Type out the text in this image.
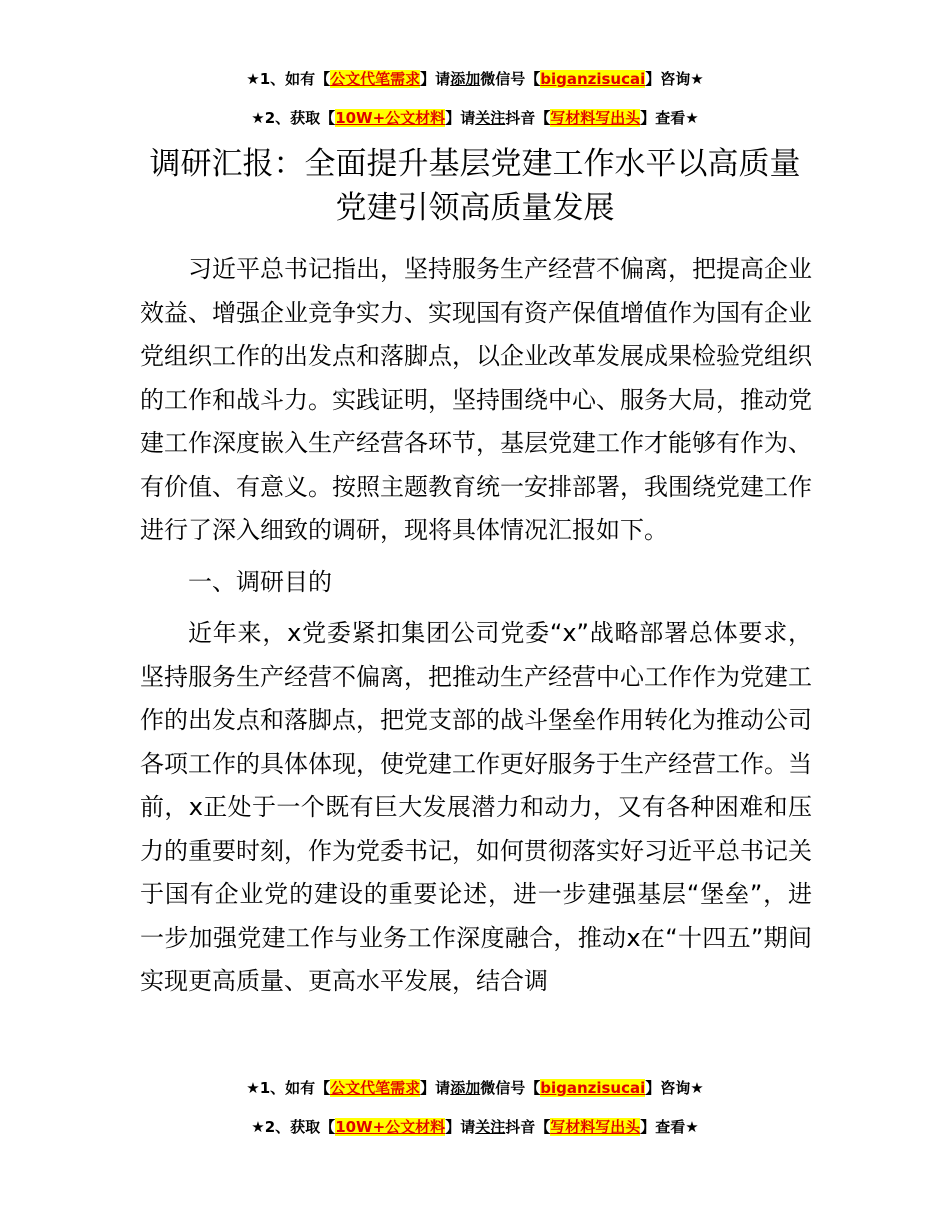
★1、如有【公文代笔需求】请添加微信号【biganzisucai】咨询★
★2、获取【10W+公文材料】请关注抖音【写材料写出头】查看★
调研汇报：全面提升基层党建工作水平以高质量党建引领高质量发展

习近平总书记指出，坚持服务生产经营不偏离，把提高企业效益、增强企业竞争实力、实现国有资产保值增值作为国有企业党组织工作的出发点和落脚点，以企业改革发展成果检验党组织的工作和战斗力。实践证明，坚持围绕中心、服务大局，推动党建工作深度嵌入生产经营各环节，基层党建工作才能够有作为、有价值、有意义。按照主题教育统一安排部署，我围绕党建工作进行了深入细致的调研，现将具体情况汇报如下。

一、调研目的

近年来，x党委紧扣集团公司党委“x”战略部署总体要求，坚持服务生产经营不偏离，把推动生产经营中心工作作为党建工作的出发点和落脚点，把党支部的战斗堡垒作用转化为推动公司各项工作的具体体现，使党建工作更好服务于生产经营工作。当前，x正处于一个既有巨大发展潜力和动力，又有各种困难和压力的重要时刻，作为党委书记，如何贯彻落实好习近平总书记关于国有企业党的建设的重要论述，进一步建强基层“堡垒”，进一步加强党建工作与业务工作深度融合，推动x在“十四五”期间实现更高质量、更高水平发展，结合调

★1、如有【公文代笔需求】请添加微信号【biganzisucai】咨询★
★2、获取【10W+公文材料】请关注抖音【写材料写出头】查看★
